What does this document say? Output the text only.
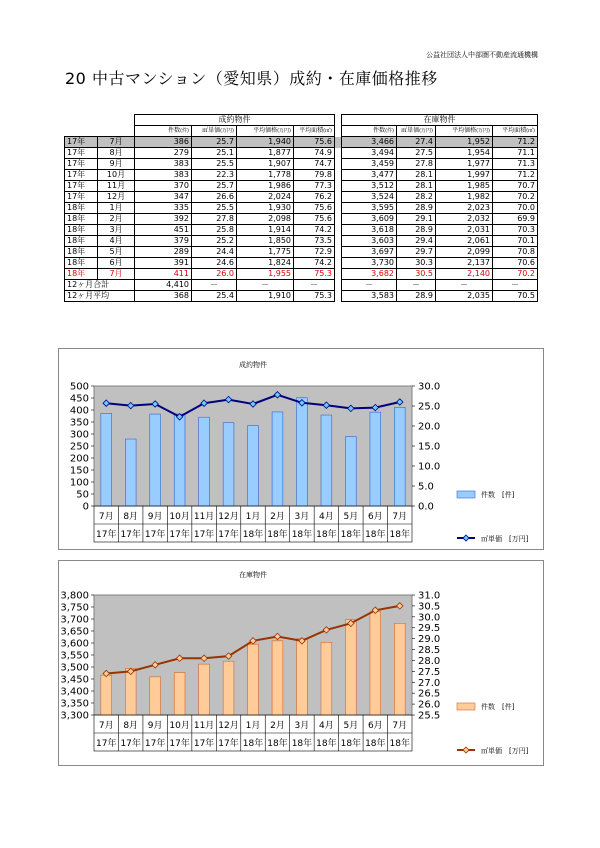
公益社団法人中部圏不動産流通機構
20 中古マンション（愛知県）成約・在庫価格推移
		成約物件					在庫物件			
		件数(件)	㎡単価(万円)	平均価格(万円)	平均面積(㎡)		件数(件)	㎡単価(万円)	平均価格(万円)	平均面積(㎡)
17年	7月	386	25.7	1,940	75.6		3,466	27.4	1,952	71.2
17年	8月	279	25.1	1,877	74.9		3,494	27.5	1,954	71.1
17年	9月	383	25.5	1,907	74.7		3,459	27.8	1,977	71.3
17年	10月	383	22.3	1,778	79.8		3,477	28.1	1,997	71.2
17年	11月	370	25.7	1,986	77.3		3,512	28.1	1,985	70.7
17年	12月	347	26.6	2,024	76.2		3,524	28.2	1,982	70.2
18年	1月	335	25.5	1,930	75.6		3,595	28.9	2,023	70.0
18年	2月	392	27.8	2,098	75.6		3,609	29.1	2,032	69.9
18年	3月	451	25.8	1,914	74.2		3,618	28.9	2,031	70.3
18年	4月	379	25.2	1,850	73.5		3,603	29.4	2,061	70.1
18年	5月	289	24.4	1,775	72.9		3,697	29.7	2,099	70.8
18年	6月	391	24.6	1,824	74.2		3,730	30.3	2,137	70.6
18年	7月	411	26.0	1,955	75.3		3,682	30.5	2,140	70.2
12ヶ月合計		4,410	－	－	－		－	－	－	－
12ヶ月平均		368	25.4	1,910	75.3		3,583	28.9	2,035	70.5
成約物件
0
50
100
150
200
250
300
350
400
450
500
0.0
5.0
10.0
15.0
20.0
25.0
30.0
7月
17年
8月
17年
9月
17年
10月
17年
11月
17年
12月
17年
1月
18年
2月
18年
3月
18年
4月
18年
5月
18年
6月
18年
7月
18年
件数　[件]
㎡単価　[万円]
在庫物件
3,300
3,350
3,400
3,450
3,500
3,550
3,600
3,650
3,700
3,750
3,800
25.5
26.0
26.5
27.0
27.5
28.0
28.5
29.0
29.5
30.0
30.5
31.0
7月
17年
8月
17年
9月
17年
10月
17年
11月
17年
12月
17年
1月
18年
2月
18年
3月
18年
4月
18年
5月
18年
6月
18年
7月
18年
件数　[件]
㎡単価　[万円]
